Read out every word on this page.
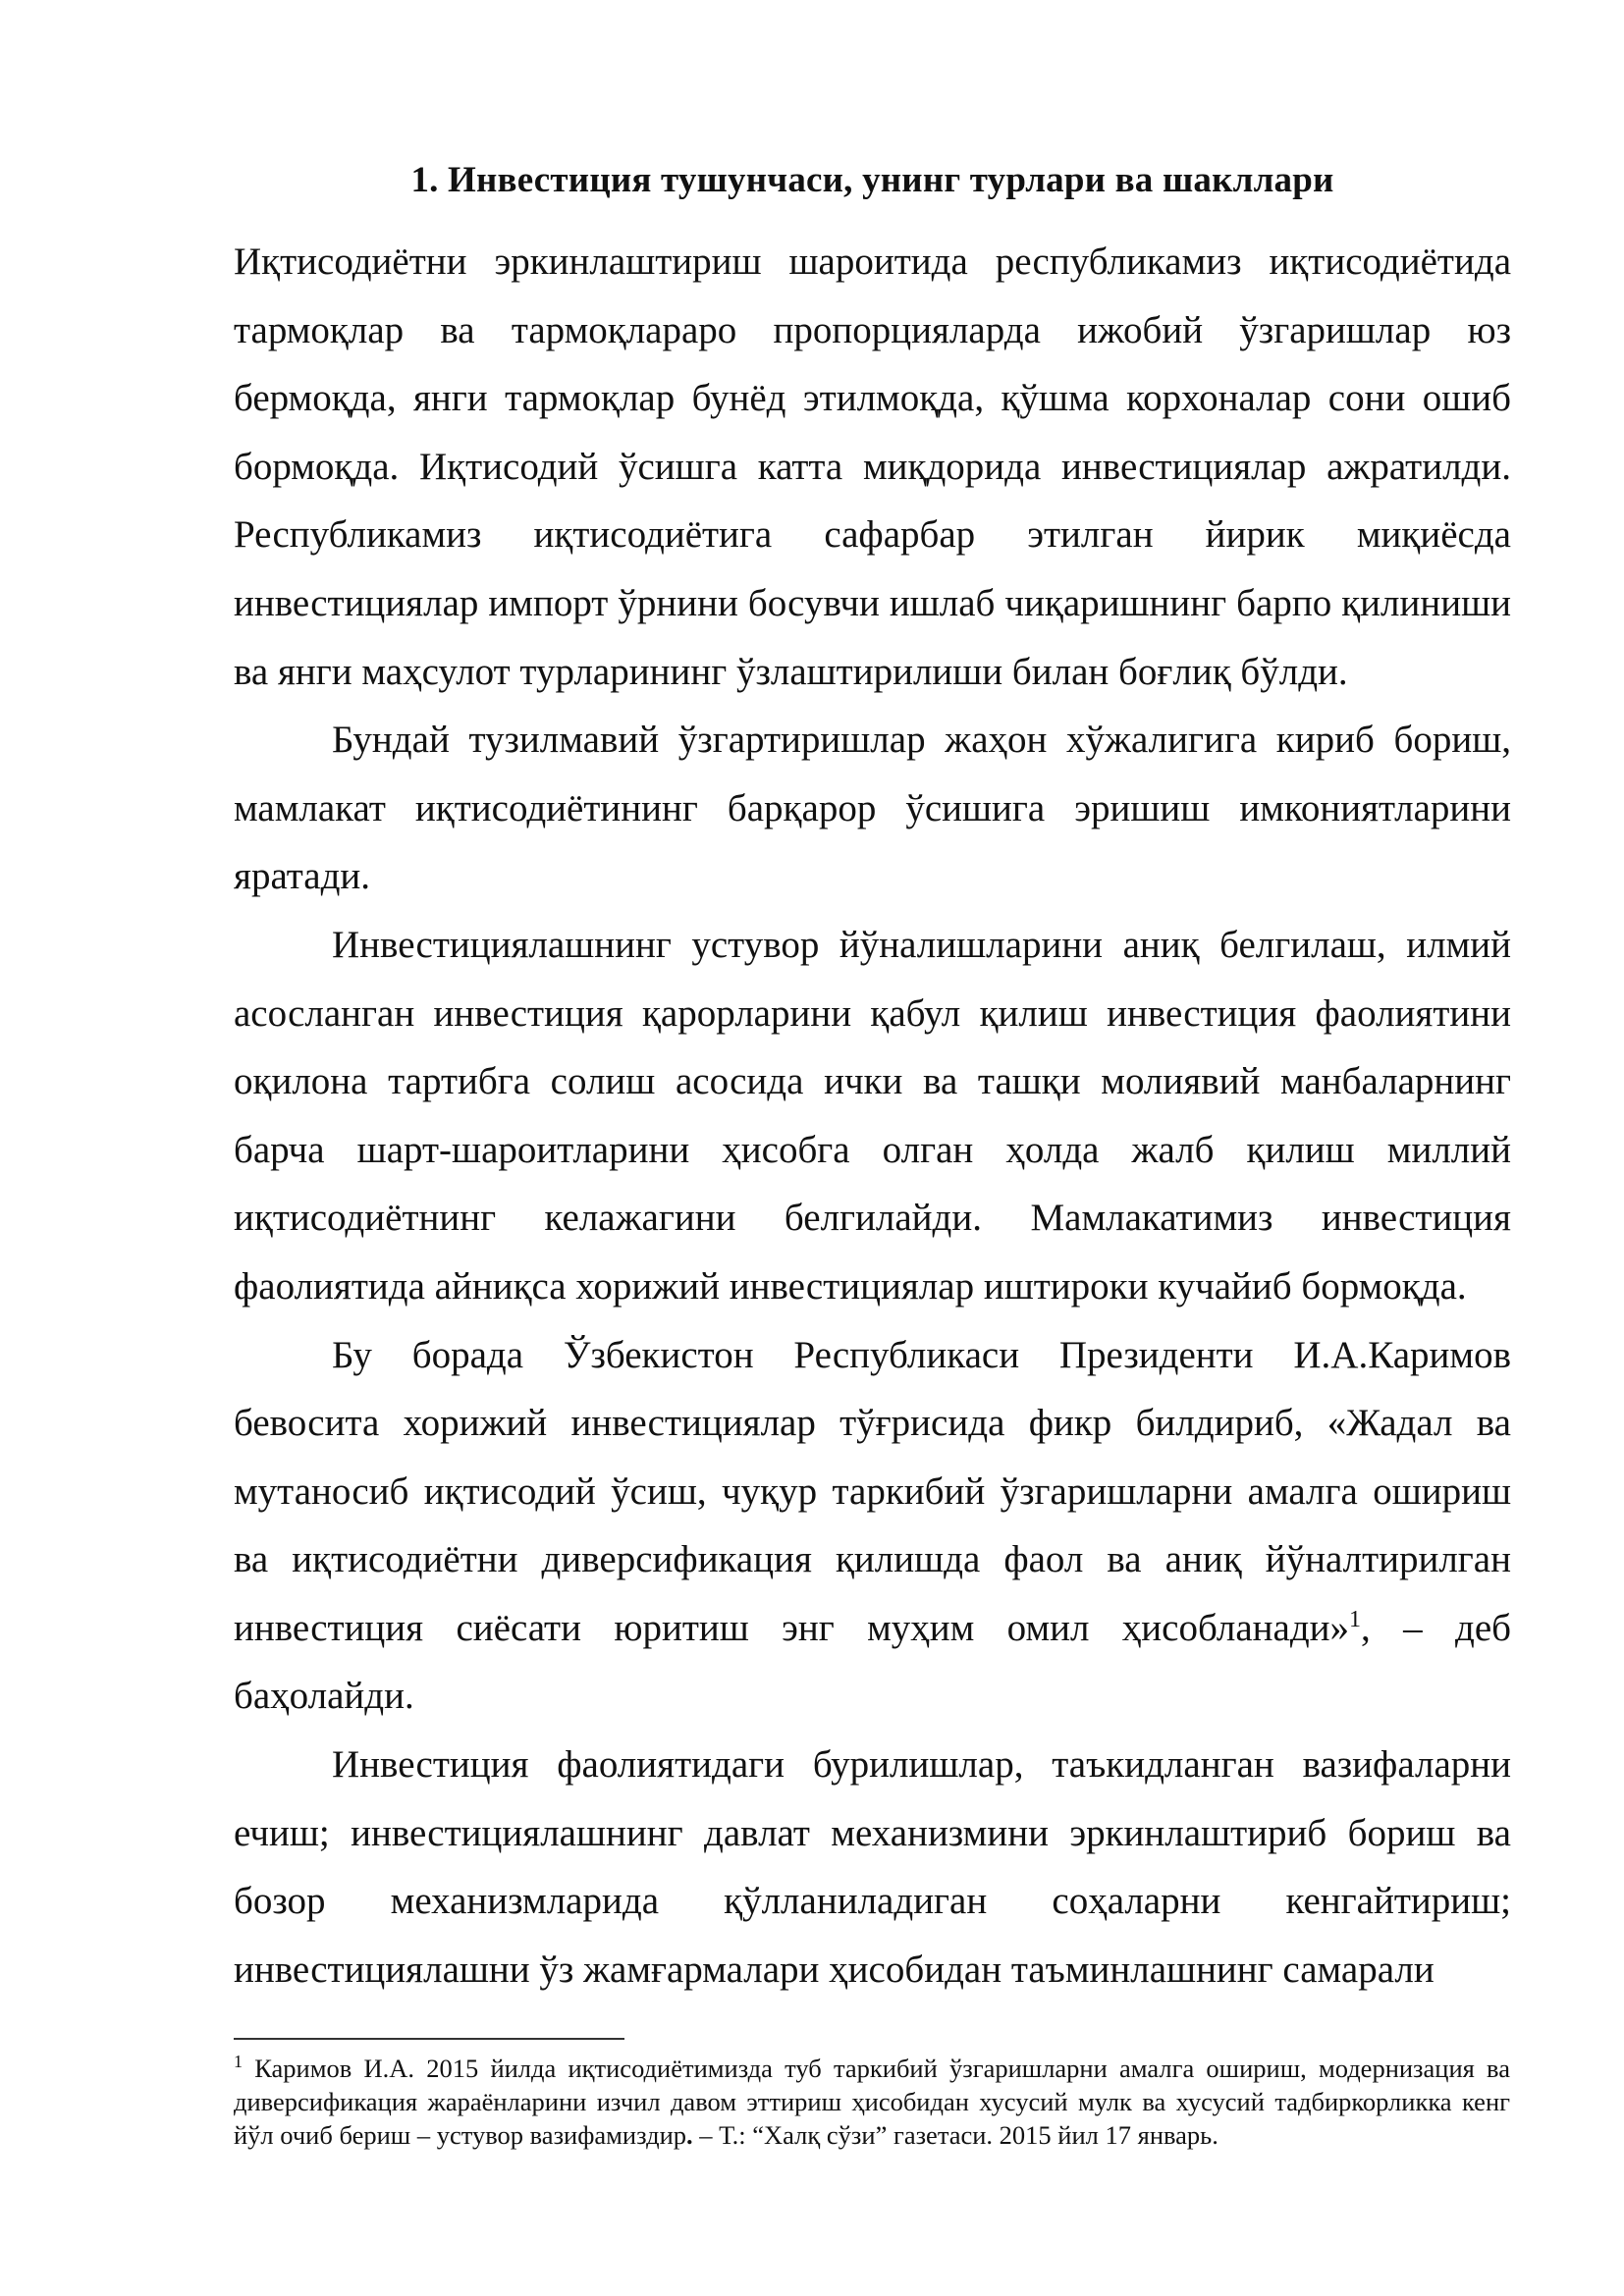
1. Инвестиция тушунчаси, унинг турлари ва шакллари

Иқтисодиётни эркинлаштириш шароитида республикамиз иқтисодиётида тармоқлар ва тармоқлараро пропорцияларда ижобий ўзгаришлар юз бермоқда, янги тармоқлар бунёд этилмоқда, қўшма корхоналар сони ошиб бормоқда. Иқтисодий ўсишга катта миқдорида инвестициялар ажратилди. Республикамиз иқтисодиётига сафарбар этилган йирик миқиёсда инвестициялар импорт ўрнини босувчи ишлаб чиқаришнинг барпо қилиниши ва янги маҳсулот турларининг ўзлаштирилиши билан боғлиқ бўлди.

Бундай тузилмавий ўзгартиришлар жаҳон хўжалигига кириб бориш, мамлакат иқтисодиётининг барқарор ўсишига эришиш имкониятларини яратади.

Инвестициялашнинг устувор йўналишларини аниқ белгилаш, илмий асосланган инвестиция қарорларини қабул қилиш инвестиция фаолиятини оқилона тартибга солиш асосида ички ва ташқи молиявий манбаларнинг барча шарт-шароитларини ҳисобга олган ҳолда жалб қилиш миллий иқтисодиётнинг келажагини белгилайди. Мамлакатимиз инвестиция фаолиятида айниқса хорижий инвестициялар иштироки кучайиб бормоқда.

Бу борада Ўзбекистон Республикаси Президенти И.А.Каримов бевосита хорижий инвестициялар тўғрисида фикр билдириб, «Жадал ва мутаносиб иқтисодий ўсиш, чуқур таркибий ўзгаришларни амалга ошириш ва иқтисодиётни диверсификация қилишда фаол ва аниқ йўналтирилган инвестиция сиёсати юритиш энг муҳим омил ҳисобланади»$^1$, – деб баҳолайди.

Инвестиция фаолиятидаги бурилишлар, таъкидланган вазифаларни ечиш; инвестициялашнинг давлат механизмини эркинлаштириб бориш ва бозор механизмларида қўлланиладиган соҳаларни кенгайтириш; инвестициялашни ўз жамғармалари ҳисобидан таъминлашнинг самарали

$^1$ Каримов И.А. 2015 йилда иқтисодиётимизда туб таркибий ўзгаришларни амалга ошириш, модернизация ва диверсификация жараёнларини изчил давом эттириш ҳисобидан хусусий мулк ва хусусий тадбиркорликка кенг йўл очиб бериш – устувор вазифамиздир. – Т.: “Халқ сўзи” газетаси. 2015 йил 17 январь.
